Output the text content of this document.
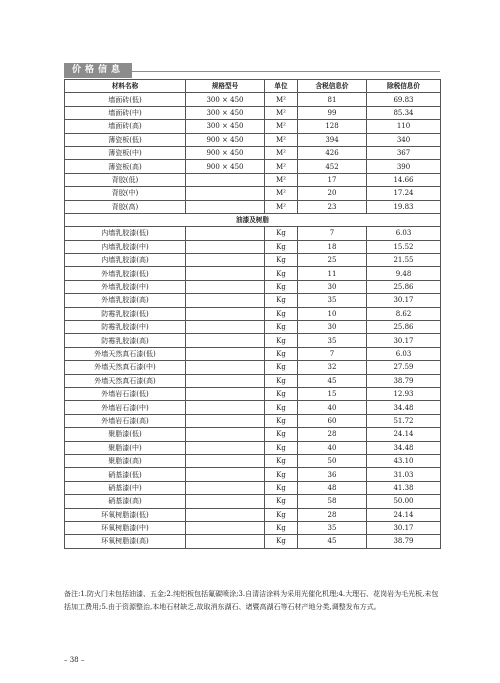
价格信息
材料名称	规格型号	单位	含税信息价	除税信息价
墙面砖(低)	300 × 450	M²	81	69.83
墙面砖(中)	300 × 450	M²	99	85.34
墙面砖(高)	300 × 450	M²	128	110
薄瓷板(低)	900 × 450	M²	394	340
薄瓷板(中)	900 × 450	M²	426	367
薄瓷板(高)	900 × 450	M²	452	390
背胶(低)		M²	17	14.66
背胶(中)		M²	20	17.24
背胶(高)		M²	23	19.83
油漆及树脂				
内墙乳胶漆(低)		Kg	7	6.03
内墙乳胶漆(中)		Kg	18	15.52
内墙乳胶漆(高)		Kg	25	21.55
外墙乳胶漆(低)		Kg	11	9.48
外墙乳胶漆(中)		Kg	30	25.86
外墙乳胶漆(高)		Kg	35	30.17
防霉乳胶漆(低)		Kg	10	8.62
防霉乳胶漆(中)		Kg	30	25.86
防霉乳胶漆(高)		Kg	35	30.17
外墙天然真石漆(低)		Kg	7	6.03
外墙天然真石漆(中)		Kg	32	27.59
外墙天然真石漆(高)		Kg	45	38.79
外墙岩石漆(低)		Kg	15	12.93
外墙岩石漆(中)		Kg	40	34.48
外墙岩石漆(高)		Kg	60	51.72
聚脂漆(低)		Kg	28	24.14
聚脂漆(中)		Kg	40	34.48
聚脂漆(高)		Kg	50	43.10
硝基漆(低)		Kg	36	31.03
硝基漆(中)		Kg	48	41.38
硝基漆(高)		Kg	58	50.00
环氧树脂漆(低)		Kg	28	24.14
环氧树脂漆(中)		Kg	35	30.17
环氧树脂漆(高)		Kg	45	38.79
备注:1.防火门未包括油漆、五金;2.纯铝板包括氟碳喷涂;3.自清洁涂料为采用光催化机理;4.大理石、花岗岩为毛光板,未包括加工费用;5.由于资源整治,本地石材缺乏,故取消东湖石、诸暨高湖石等石材产地分类,调整发布方式。
– 38 –
